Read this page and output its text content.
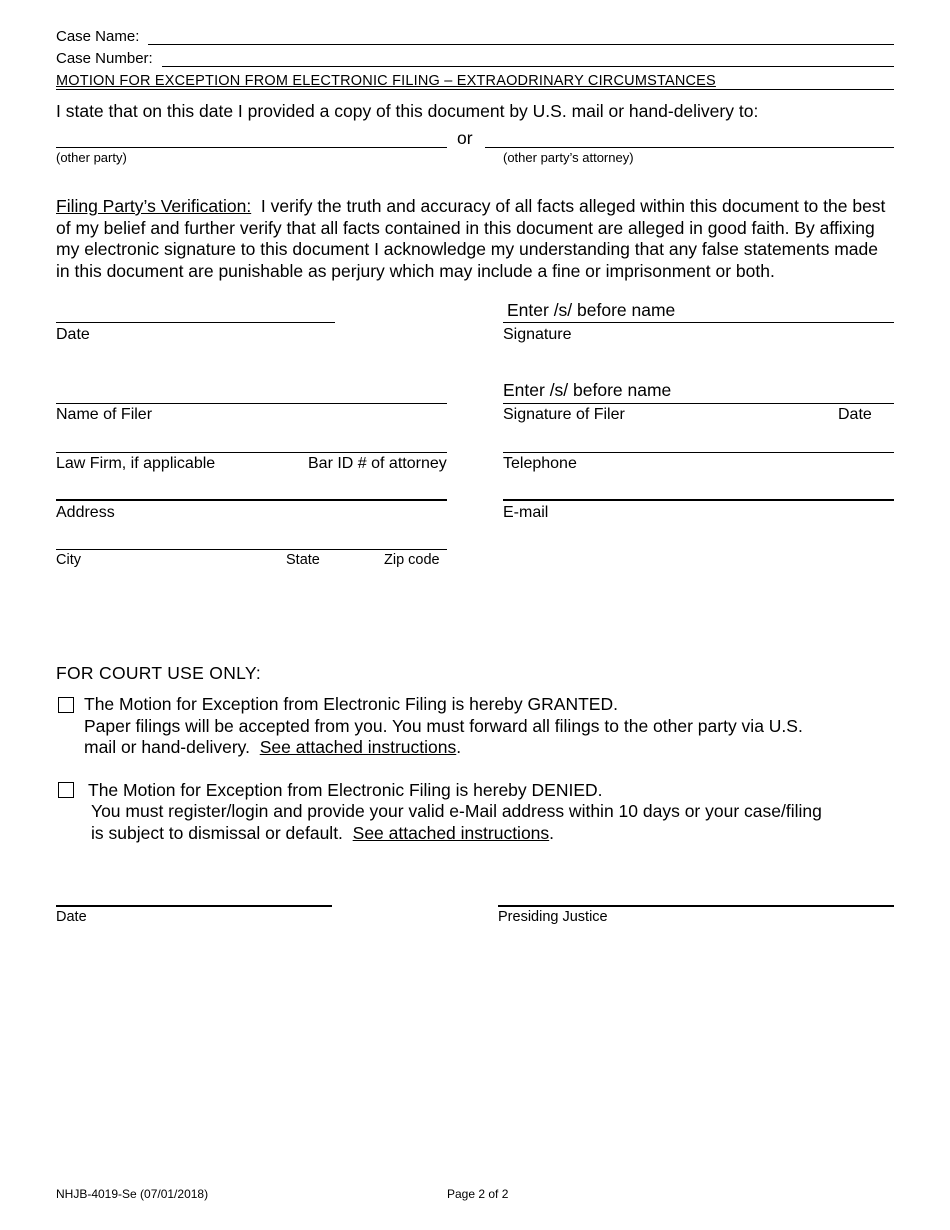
Case Name:
Case Number:
MOTION FOR EXCEPTION FROM ELECTRONIC FILING – EXTRAODRINARY CIRCUMSTANCES
I state that on this date I provided a copy of this document by U.S. mail or hand-delivery to:
or
(other party)	(other party’s attorney)
Filing Party’s Verification: I verify the truth and accuracy of all facts alleged within this document to the best of my belief and further verify that all facts contained in this document are alleged in good faith. By affixing my electronic signature to this document I acknowledge my understanding that any false statements made in this document are punishable as perjury which may include a fine or imprisonment or both.
Enter /s/ before name
Date	Signature
Enter /s/ before name
Name of Filer	Signature of Filer	Date
Law Firm, if applicable	Bar ID # of attorney	Telephone
Address	E-mail
City	State	Zip code
FOR COURT USE ONLY:
The Motion for Exception from Electronic Filing is hereby GRANTED.
Paper filings will be accepted from you. You must forward all filings to the other party via U.S.
mail or hand-delivery. See attached instructions.
The Motion for Exception from Electronic Filing is hereby DENIED.
You must register/login and provide your valid e-Mail address within 10 days or your case/filing
is subject to dismissal or default. See attached instructions.
Date	Presiding Justice
NHJB-4019-Se (07/01/2018)	Page 2 of 2
